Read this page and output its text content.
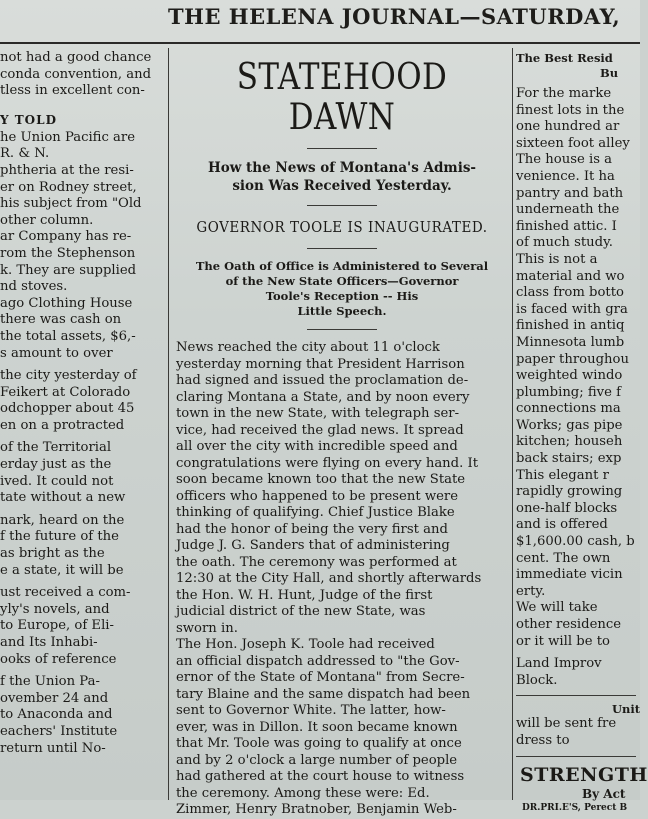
THE HELENA JOURNAL—SATURDAY,
not had a good chance
conda convention, and
tless in excellent con-
Y TOLD
he Union Pacific are
R. & N.
phtheria at the resi-
er on Rodney street,
his subject from "Old
other column.
ar Company has re-
rom the Stephenson
k. They are supplied
nd stoves.
ago Clothing House
there was cash on
the total assets, $6,-
s amount to over
the city yesterday of
Feikert at Colorado
odchopper about 45
en on a protracted
of the Territorial
erday just as the
ived. It could not
tate without a new
nark, heard on the
f the future of the
as bright as the
e a state, it will be
ust received a com-
yly's novels, and
to Europe, of Eli-
and Its Inhabi-
ooks of reference
f the Union Pa-
ovember 24 and
to Anaconda and
eachers' Institute
return until No-
STATEHOOD DAWN
How the News of Montana's Admis-
sion Was Received Yesterday.
GOVERNOR TOOLE IS INAUGURATED.
The Oath of Office is Administered to Several
of the New State Officers—Governor
Toole's Reception -- His
Little Speech.
News reached the city about 11 o'clock
yesterday morning that President Harrison
had signed and issued the proclamation de-
claring Montana a State, and by noon every
town in the new State, with telegraph ser-
vice, had received the glad news. It spread
all over the city with incredible speed and
congratulations were flying on every hand. It
soon became known too that the new State
officers who happened to be present were
thinking of qualifying. Chief Justice Blake
had the honor of being the very first and
Judge J. G. Sanders that of administering
the oath. The ceremony was performed at
12:30 at the City Hall, and shortly afterwards
the Hon. W. H. Hunt, Judge of the first
judicial district of the new State, was
sworn in.
The Hon. Joseph K. Toole had received
an official dispatch addressed to "the Gov-
ernor of the State of Montana" from Secre-
tary Blaine and the same dispatch had been
sent to Governor White. The latter, how-
ever, was in Dillon. It soon became known
that Mr. Toole was going to qualify at once
and by 2 o'clock a large number of people
had gathered at the court house to witness
the ceremony. Among these were: Ed.
Zimmer, Henry Bratnober, Benjamin Web-
The Best Resid
Bu
For the marke
finest lots in the
one hundred ar
sixteen foot alley
The house is a
venience. It ha
pantry and bath
underneath the
finished attic. I
of much study.
This is not a
material and wo
class from botto
is faced with gra
finished in antiq
Minnesota lumb
paper throughou
weighted windo
plumbing; five f
connections ma
Works; gas pipe
kitchen; househ
back stairs; exp
This elegant r
rapidly growing
one-half blocks
and is offered
$1,600.00 cash, b
cent. The own
immediate vicin
erty.
We will take
other residence
or it will be to
Land Improv
Block.
Unit
will be sent fre
dress to
STRENGTH
By Act
DR.PRI.E'S, Perect B
